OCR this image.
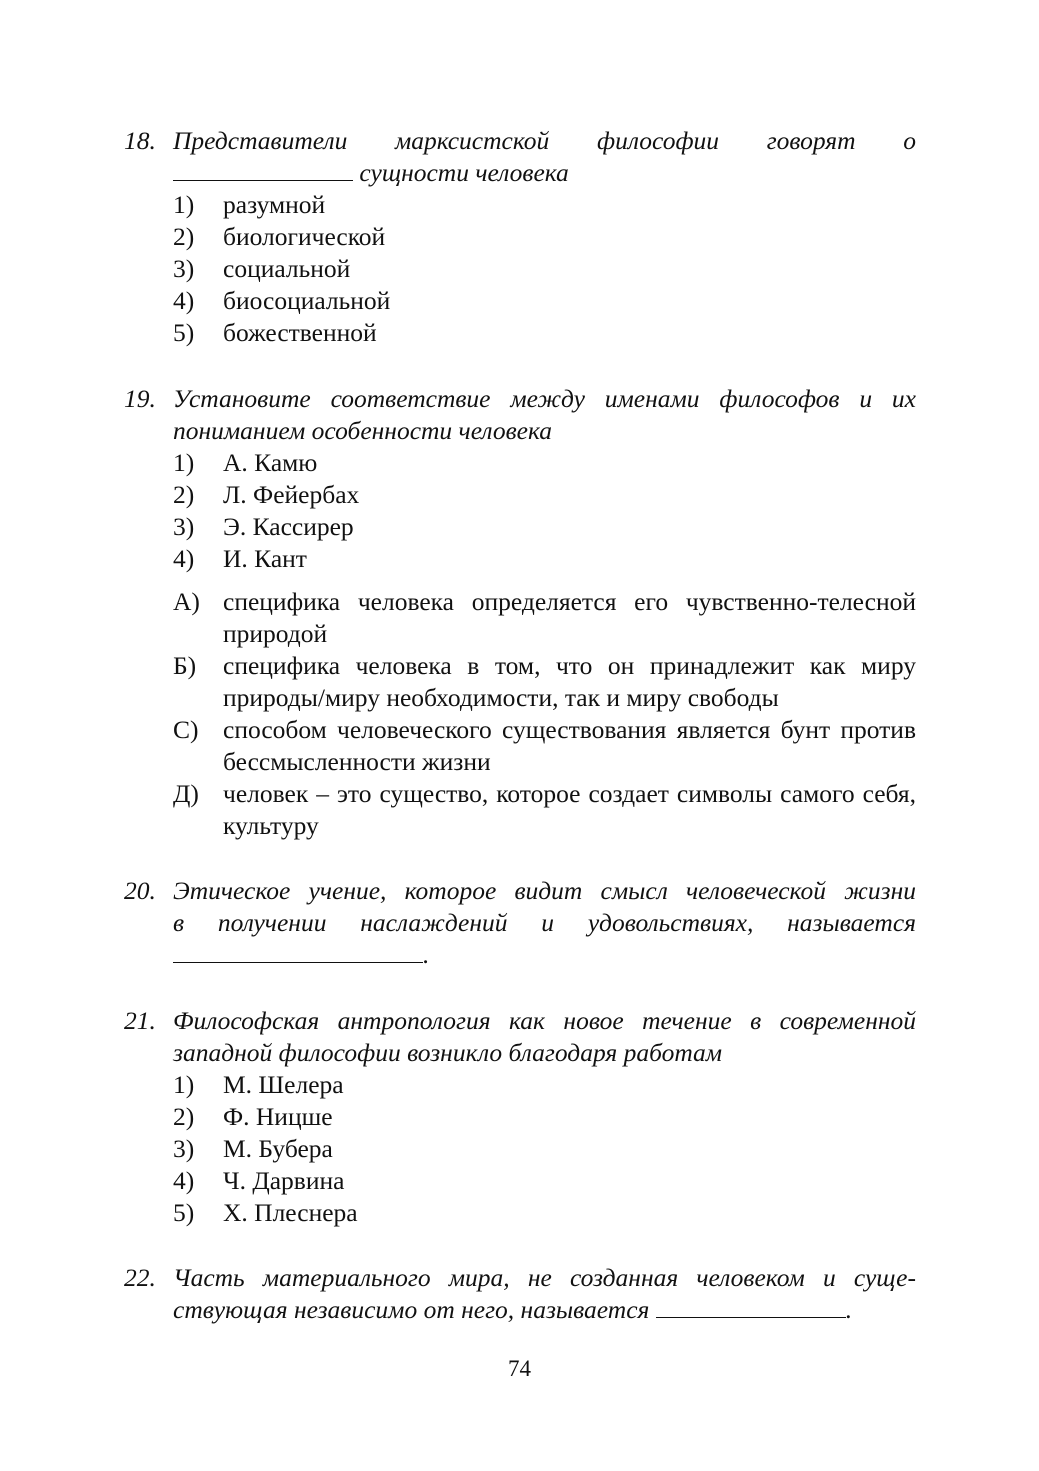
18. Представители марксистской философии говорят о
сущности человека
1)	разумной
2)	биологической
3)	социальной
4)	биосоциальной
5)	божественной
19. Установите соответствие между именами философов и их пониманием особенности человека
1)	А. Камю
2)	Л. Фейербах
3)	Э. Кассирер
4)	И. Кант
А) специфика человека определяется его чувственно-телесной природой
Б)	специфика человека в том, что он принадлежит как миру природы/миру необходимости, так и миру свободы
С) способом человеческого существования является бунт против бессмысленности жизни
Д) человек – это существо, которое создает символы самого себя, культуру
20. Этическое учение, которое видит смысл человеческой жизни
в получении наслаждений и удовольствиях, называется
.
21. Философская антропология как новое течение в современной западной философии возникло благодаря работам
1)	М. Шелера
2)	Ф. Ницше
3)	М. Бубера
4)	Ч. Дарвина
5)	Х. Плеснера
22. Часть материального мира, не созданная человеком и суще-
ствующая независимо от него, называется	.
74
